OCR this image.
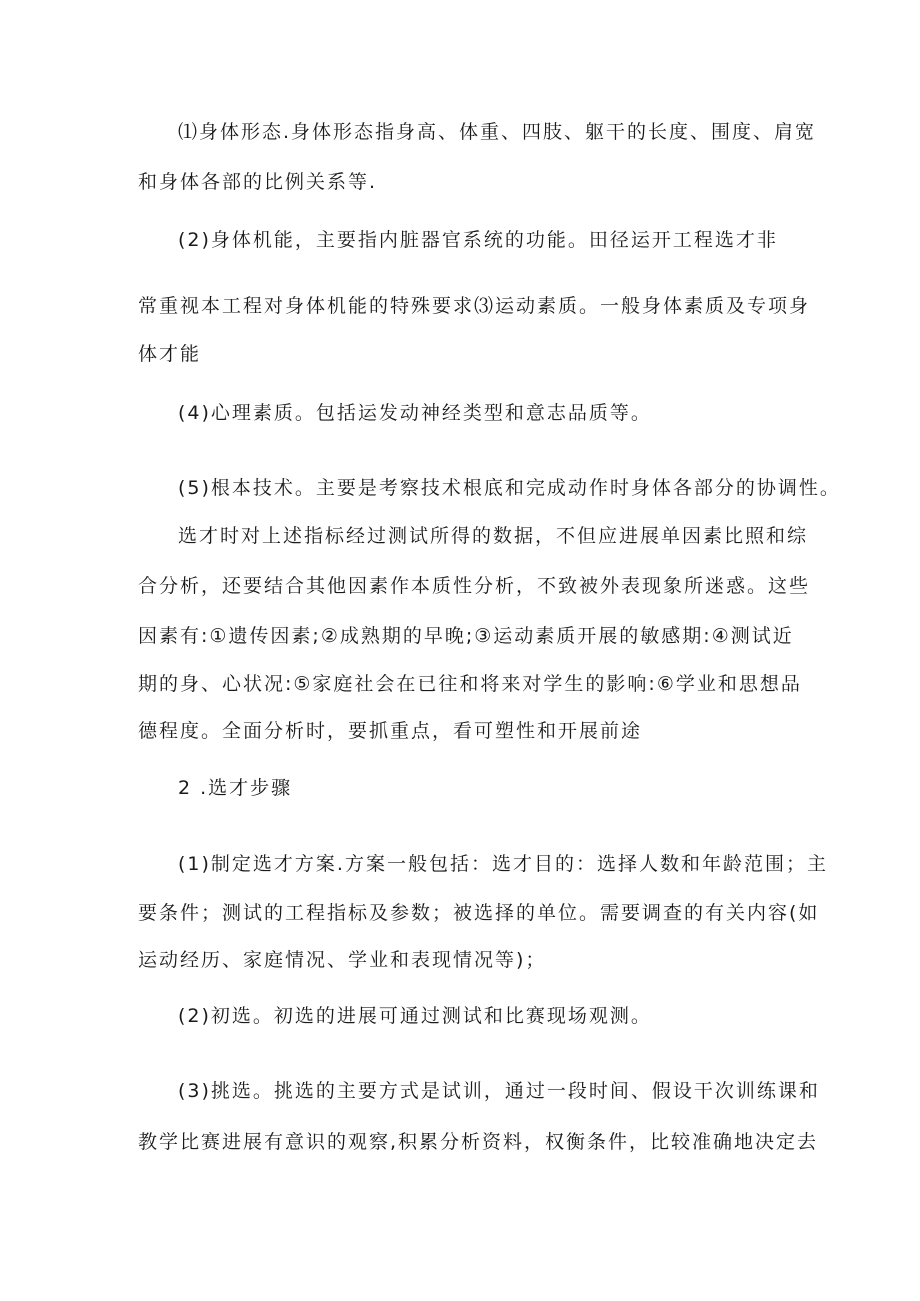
⑴身体形态.身体形态指身高、体重、四肢、躯干的长度、围度、肩宽
和身体各部的比例关系等.
(2)身体机能，主要指内脏器官系统的功能。田径运开工程选才非
常重视本工程对身体机能的特殊要求⑶运动素质。一般身体素质及专项身
体才能
(4)心理素质。包括运发动神经类型和意志品质等。
(5)根本技术。主要是考察技术根底和完成动作时身体各部分的协调性。
选才时对上述指标经过测试所得的数据，不但应进展单因素比照和综
合分析，还要结合其他因素作本质性分析，不致被外表现象所迷惑。这些
因素有:①遗传因素;②成熟期的早晚;③运动素质开展的敏感期:④测试近
期的身、心状况:⑤家庭社会在已往和将来对学生的影响:⑥学业和思想品
德程度。全面分析时，要抓重点，看可塑性和开展前途
2 .选才步骤
(1)制定选才方案.方案一般包括：选才目的：选择人数和年龄范围；主
要条件；测试的工程指标及参数；被选择的单位。需要调查的有关内容(如
运动经历、家庭情况、学业和表现情况等)；
(2)初选。初选的进展可通过测试和比赛现场观测。
(3)挑选。挑选的主要方式是试训，通过一段时间、假设干次训练课和
教学比赛进展有意识的观察,积累分析资料，权衡条件，比较准确地决定去
